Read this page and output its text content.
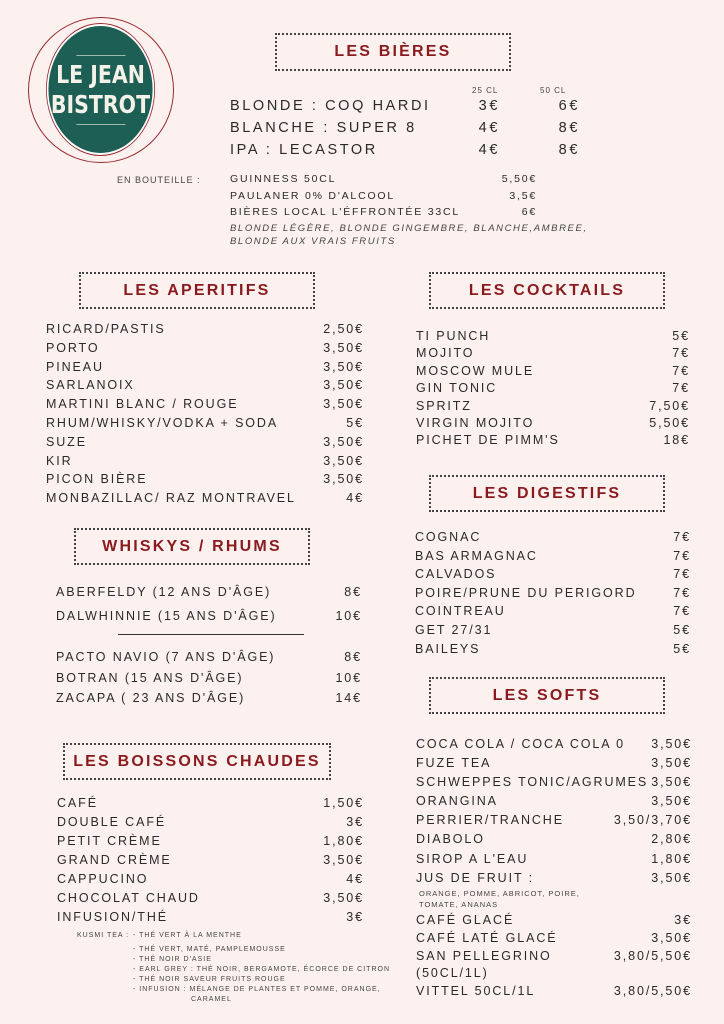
LE JEAN
BISTROT
LES BIÈRES
25 CL	50 CL
BLONDE : COQ HARDI	3€	6€
BLANCHE : SUPER 8	4€	8€
IPA : LECASTOR	4€	8€
EN BOUTEILLE :	GUINNESS 50CL	5,50€
PAULANER 0% D'ALCOOL	3,5€
BIÈRES LOCAL L'ÉFFRONTÉE 33CL	6€
BLONDE LÉGÈRE, BLONDE GINGEMBRE, BLANCHE,AMBREE,
BLONDE AUX VRAIS FRUITS
LES APERITIFS
RICARD/PASTIS	2,50€
PORTO	3,50€
PINEAU	3,50€
SARLANOIX	3,50€
MARTINI BLANC / ROUGE	3,50€
RHUM/WHISKY/VODKA + SODA	5€
SUZE	3,50€
KIR	3,50€
PICON BIÈRE	3,50€
MONBAZILLAC/ RAZ MONTRAVEL	4€
WHISKYS / RHUMS
ABERFELDY (12 ANS D'ÂGE)	8€
DALWHINNIE (15 ANS D'ÂGE)	10€
PACTO NAVIO (7 ANS D'ÂGE)	8€
BOTRAN (15 ANS D'ÂGE)	10€
ZACAPA ( 23 ANS D'ÂGE)	14€
LES BOISSONS CHAUDES
CAFÉ	1,50€
DOUBLE CAFÉ	3€
PETIT CRÈME	1,80€
GRAND CRÈME	3,50€
CAPPUCINO	4€
CHOCOLAT CHAUD	3,50€
INFUSION/THÉ	3€
KUSMI TEA : - THÉ VERT À LA MENTHE
- THÉ VERT, MATÉ, PAMPLEMOUSSE
- THÉ NOIR D'ASIE
- EARL GREY : THÉ NOIR, BERGAMOTE, ÉCORCE DE CITRON
- THÉ NOIR SAVEUR FRUITS ROUGE
- INFUSION : MÉLANGE DE PLANTES ET POMME, ORANGE,
CARAMEL
LES COCKTAILS
TI PUNCH	5€
MOJITO	7€
MOSCOW MULE	7€
GIN TONIC	7€
SPRITZ	7,50€
VIRGIN MOJITO	5,50€
PICHET DE PIMM'S	18€
LES DIGESTIFS
COGNAC	7€
BAS ARMAGNAC	7€
CALVADOS	7€
POIRE/PRUNE DU PERIGORD	7€
COINTREAU	7€
GET 27/31	5€
BAILEYS	5€
LES SOFTS
COCA COLA / COCA COLA 0 3,50€
FUZE TEA	3,50€
SCHWEPPES TONIC/AGRUMES 3,50€
ORANGINA	3,50€
PERRIER/TRANCHE	3,50/3,70€
DIABOLO	2,80€
SIROP A L'EAU	1,80€
JUS DE FRUIT :	3,50€
ORANGE, POMME, ABRICOT, POIRE,
TOMATE, ANANAS
CAFÉ GLACÉ	3€
CAFÉ LATÉ GLACÉ	3,50€
SAN PELLEGRINO	3,80/5,50€
(50CL/1L)
VITTEL 50CL/1L	3,80/5,50€
